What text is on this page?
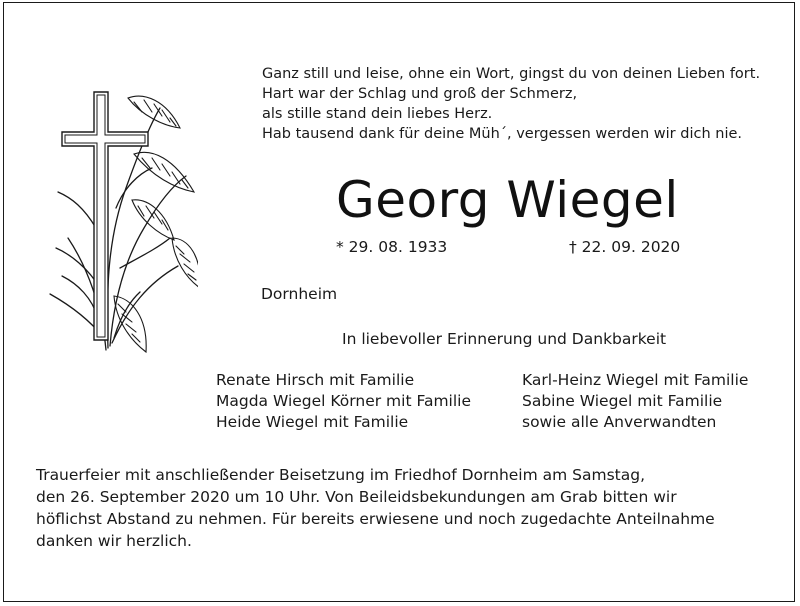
Ganz still und leise, ohne ein Wort, gingst du von deinen Lieben fort.
Hart war der Schlag und groß der Schmerz,
als stille stand dein liebes Herz.
Hab tausend dank für deine Müh´, vergessen werden wir dich nie.
Georg Wiegel
* 29. 08. 1933	† 22. 09. 2020
Dornheim
In liebevoller Erinnerung und Dankbarkeit
Renate Hirsch mit Familie
Magda Wiegel Körner mit Familie
Heide Wiegel mit Familie
Karl-Heinz Wiegel mit Familie
Sabine Wiegel mit Familie
sowie alle Anverwandten
Trauerfeier mit anschließender Beisetzung im Friedhof Dornheim am Samstag,
den 26. September 2020 um 10 Uhr. Von Beileidsbekundungen am Grab bitten wir
höflichst Abstand zu nehmen. Für bereits erwiesene und noch zugedachte Anteilnahme
danken wir herzlich.
